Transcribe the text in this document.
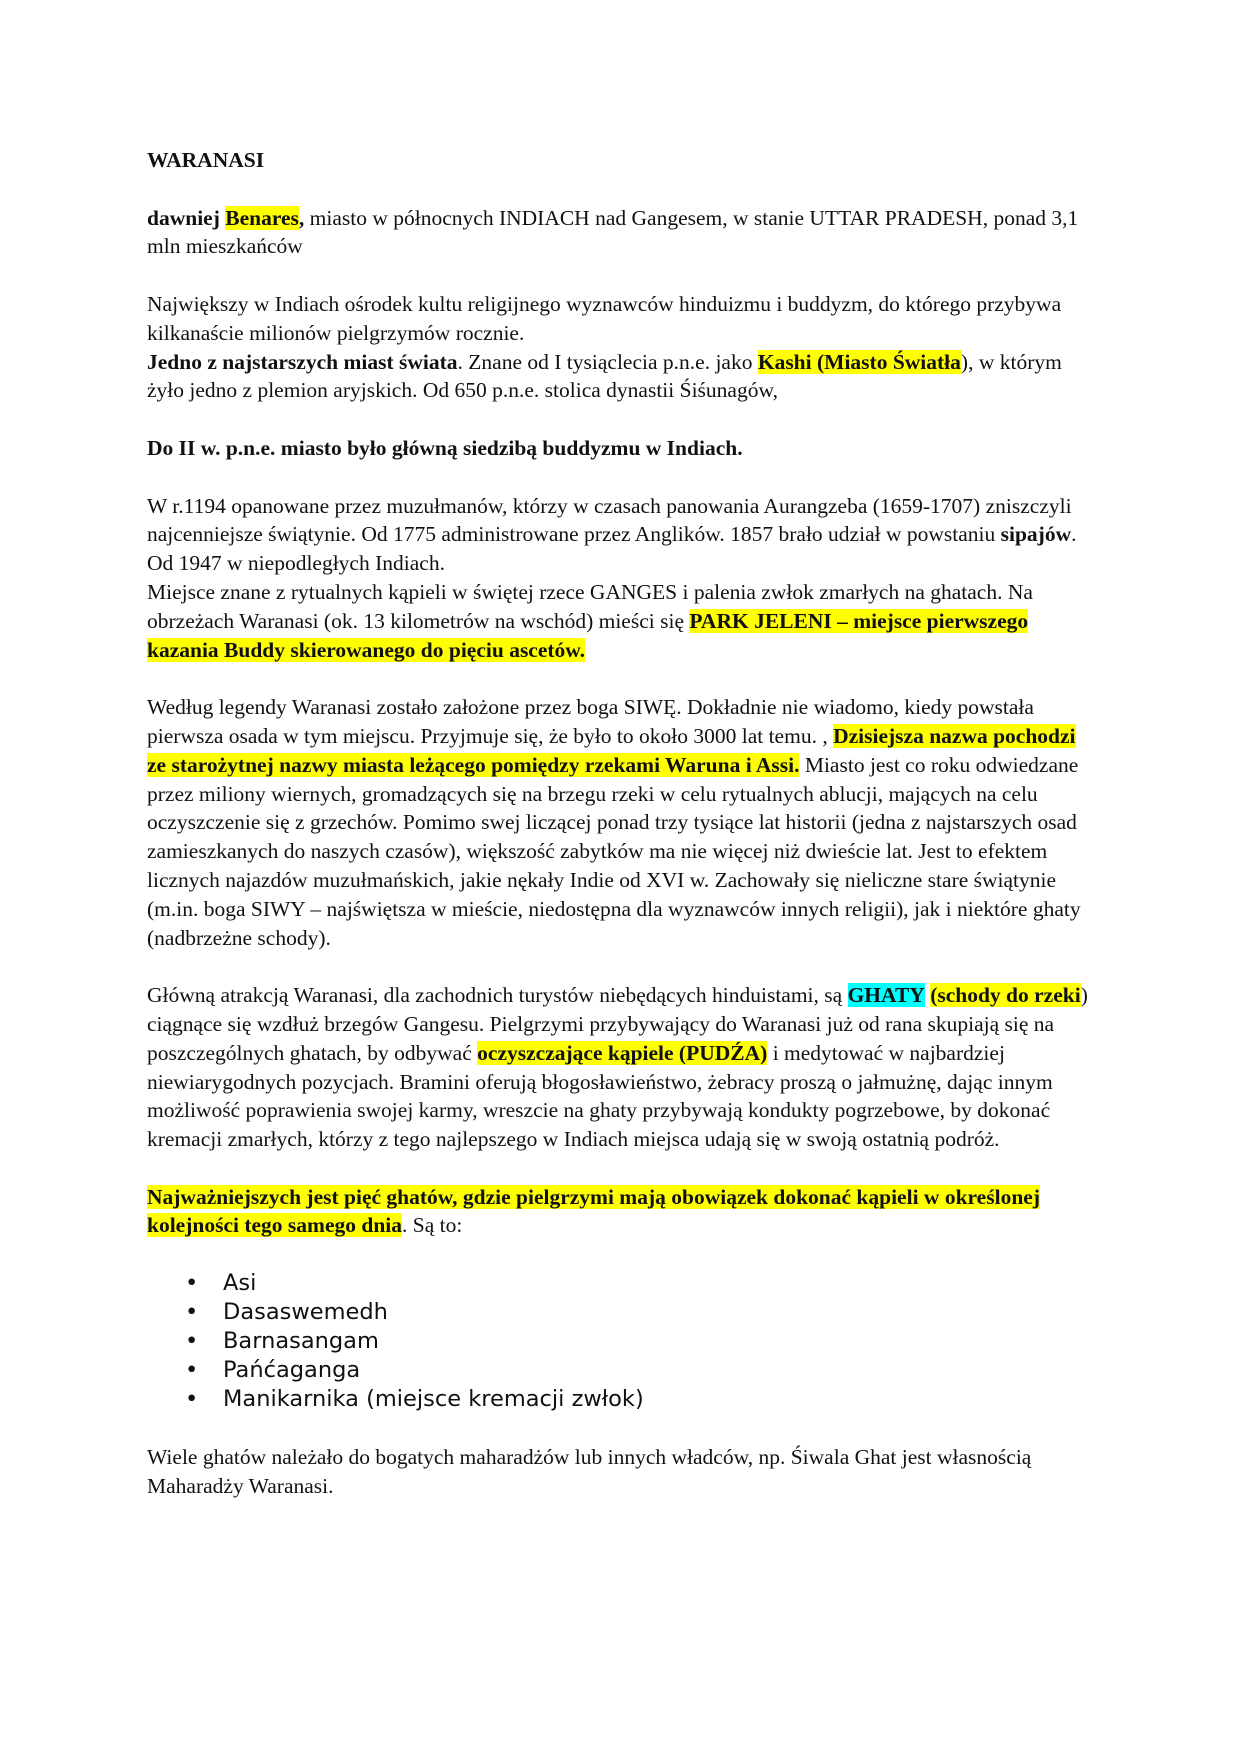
WARANASI

dawniej Benares, miasto w północnych INDIACH nad Gangesem, w stanie UTTAR PRADESH, ponad 3,1 mln mieszkańców

Największy w Indiach ośrodek kultu religijnego wyznawców hinduizmu i buddyzm, do którego przybywa kilkanaście milionów pielgrzymów rocznie.

Jedno z najstarszych miast świata. Znane od I tysiąclecia p.n.e. jako Kashi (Miasto Światła), w którym żyło jedno z plemion aryjskich. Od 650 p.n.e. stolica dynastii Śiśunagów,

Do II w. p.n.e. miasto było główną siedzibą buddyzmu w Indiach.

W r.1194 opanowane przez muzułmanów, którzy w czasach panowania Aurangzeba (1659-1707) zniszczyli najcenniejsze świątynie. Od 1775 administrowane przez Anglików. 1857 brało udział w powstaniu sipajów. Od 1947 w niepodległych Indiach.

Miejsce znane z rytualnych kąpieli w świętej rzece GANGES i palenia zwłok zmarłych na ghatach. Na obrzeżach Waranasi (ok. 13 kilometrów na wschód) mieści się PARK JELENI – miejsce pierwszego kazania Buddy skierowanego do pięciu ascetów.

Według legendy Waranasi zostało założone przez boga SIWĘ. Dokładnie nie wiadomo, kiedy powstała pierwsza osada w tym miejscu. Przyjmuje się, że było to około 3000 lat temu. , Dzisiejsza nazwa pochodzi ze starożytnej nazwy miasta leżącego pomiędzy rzekami Waruna i Assi. Miasto jest co roku odwiedzane przez miliony wiernych, gromadzących się na brzegu rzeki w celu rytualnych ablucji, mających na celu oczyszczenie się z grzechów. Pomimo swej liczącej ponad trzy tysiące lat historii (jedna z najstarszych osad zamieszkanych do naszych czasów), większość zabytków ma nie więcej niż dwieście lat. Jest to efektem licznych najazdów muzułmańskich, jakie nękały Indie od XVI w. Zachowały się nieliczne stare świątynie (m.in. boga SIWY – najświętsza w mieście, niedostępna dla wyznawców innych religii), jak i niektóre ghaty (nadbrzeżne schody).

Główną atrakcją Waranasi, dla zachodnich turystów niebędących hinduistami, są GHATY (schody do rzeki) ciągnące się wzdłuż brzegów Gangesu. Pielgrzymi przybywający do Waranasi już od rana skupiają się na poszczególnych ghatach, by odbywać oczyszczające kąpiele (PUDŹA) i medytować w najbardziej niewiarygodnych pozycjach. Bramini oferują błogosławieństwo, żebracy proszą o jałmużnę, dając innym możliwość poprawienia swojej karmy, wreszcie na ghaty przybywają kondukty pogrzebowe, by dokonać kremacji zmarłych, którzy z tego najlepszego w Indiach miejsca udają się w swoją ostatnią podróż.

Najważniejszych jest pięć ghatów, gdzie pielgrzymi mają obowiązek dokonać kąpieli w określonej kolejności tego samego dnia. Są to:

• Asi
• Dasaswemedh
• Barnasangam
• Pańćaganga
• Manikarnika (miejsce kremacji zwłok)

Wiele ghatów należało do bogatych maharadżów lub innych władców, np. Śiwala Ghat jest własnością Maharadży Waranasi.
